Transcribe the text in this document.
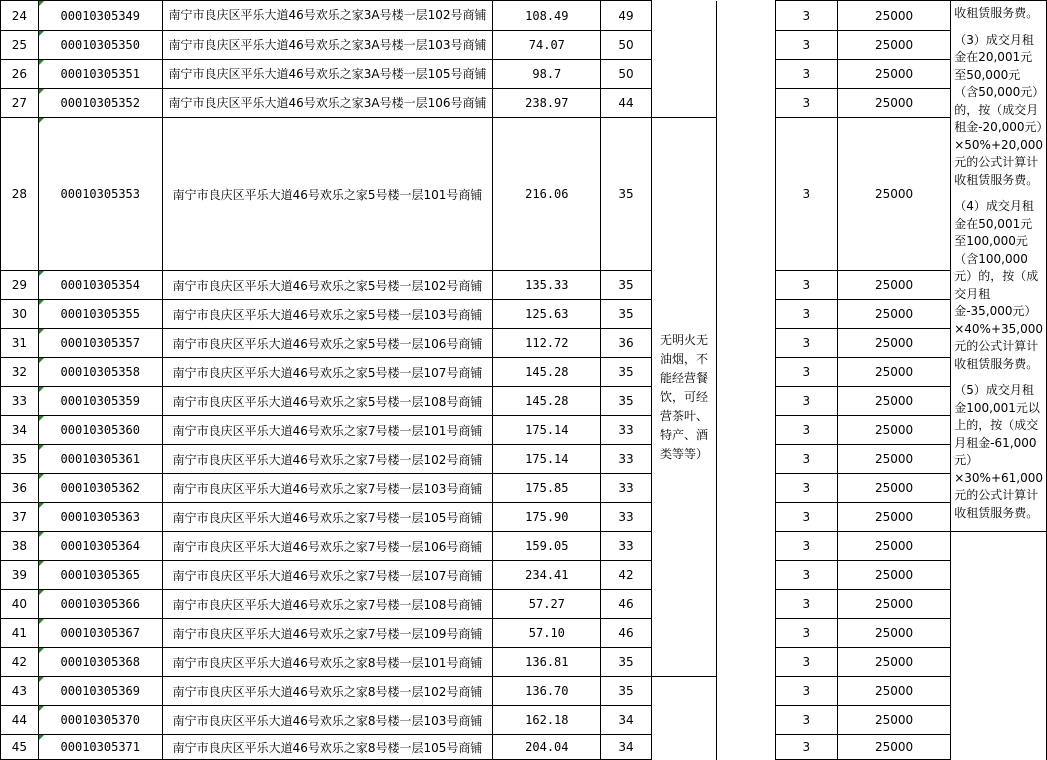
24	00010305349	南宁市良庆区平乐大道46号欢乐之家3A号楼一层102号商铺	108.49	49			3	25000	收租赁服务费。

（3）成交月租金在20,001元至50,000元（含50,000元）的，按（成交月租金-20,000元）×50%+20,000元的公式计算计收租赁服务费。

（4）成交月租金在50,001元至100,000元（含100,000元）的，按（成交月租金-35,000元）×40%+35,000元的公式计算计收租赁服务费。

（5）成交月租金100,001元以上的，按（成交月租金-61,000元）×30%+61,000元的公式计算计收租赁服务费。

25	00010305350	南宁市良庆区平乐大道46号欢乐之家3A号楼一层103号商铺	74.07	50			3	25000	
26	00010305351	南宁市良庆区平乐大道46号欢乐之家3A号楼一层105号商铺	98.7	50			3	25000	
27	00010305352	南宁市良庆区平乐大道46号欢乐之家3A号楼一层106号商铺	238.97	44			3	25000	
28	00010305353	南宁市良庆区平乐大道46号欢乐之家5号楼一层101号商铺	216.06	35	无明火无油烟，不能经营餐饮，可经营茶叶、特产、酒类等等）		3	25000	
29	00010305354	南宁市良庆区平乐大道46号欢乐之家5号楼一层102号商铺	135.33	35			3	25000	
30	00010305355	南宁市良庆区平乐大道46号欢乐之家5号楼一层103号商铺	125.63	35			3	25000	
31	00010305357	南宁市良庆区平乐大道46号欢乐之家5号楼一层106号商铺	112.72	36			3	25000	
32	00010305358	南宁市良庆区平乐大道46号欢乐之家5号楼一层107号商铺	145.28	35			3	25000	
33	00010305359	南宁市良庆区平乐大道46号欢乐之家5号楼一层108号商铺	145.28	35			3	25000	
34	00010305360	南宁市良庆区平乐大道46号欢乐之家7号楼一层101号商铺	175.14	33			3	25000	
35	00010305361	南宁市良庆区平乐大道46号欢乐之家7号楼一层102号商铺	175.14	33			3	25000	
36	00010305362	南宁市良庆区平乐大道46号欢乐之家7号楼一层103号商铺	175.85	33			3	25000	
37	00010305363	南宁市良庆区平乐大道46号欢乐之家7号楼一层105号商铺	175.90	33			3	25000	
38	00010305364	南宁市良庆区平乐大道46号欢乐之家7号楼一层106号商铺	159.05	33			3	25000	
39	00010305365	南宁市良庆区平乐大道46号欢乐之家7号楼一层107号商铺	234.41	42			3	25000	
40	00010305366	南宁市良庆区平乐大道46号欢乐之家7号楼一层108号商铺	57.27	46			3	25000	
41	00010305367	南宁市良庆区平乐大道46号欢乐之家7号楼一层109号商铺	57.10	46			3	25000	
42	00010305368	南宁市良庆区平乐大道46号欢乐之家8号楼一层101号商铺	136.81	35			3	25000	
43	00010305369	南宁市良庆区平乐大道46号欢乐之家8号楼一层102号商铺	136.70	35			3	25000	
44	00010305370	南宁市良庆区平乐大道46号欢乐之家8号楼一层103号商铺	162.18	34			3	25000	
45	00010305371	南宁市良庆区平乐大道46号欢乐之家8号楼一层105号商铺	204.04	34			3	25000	
